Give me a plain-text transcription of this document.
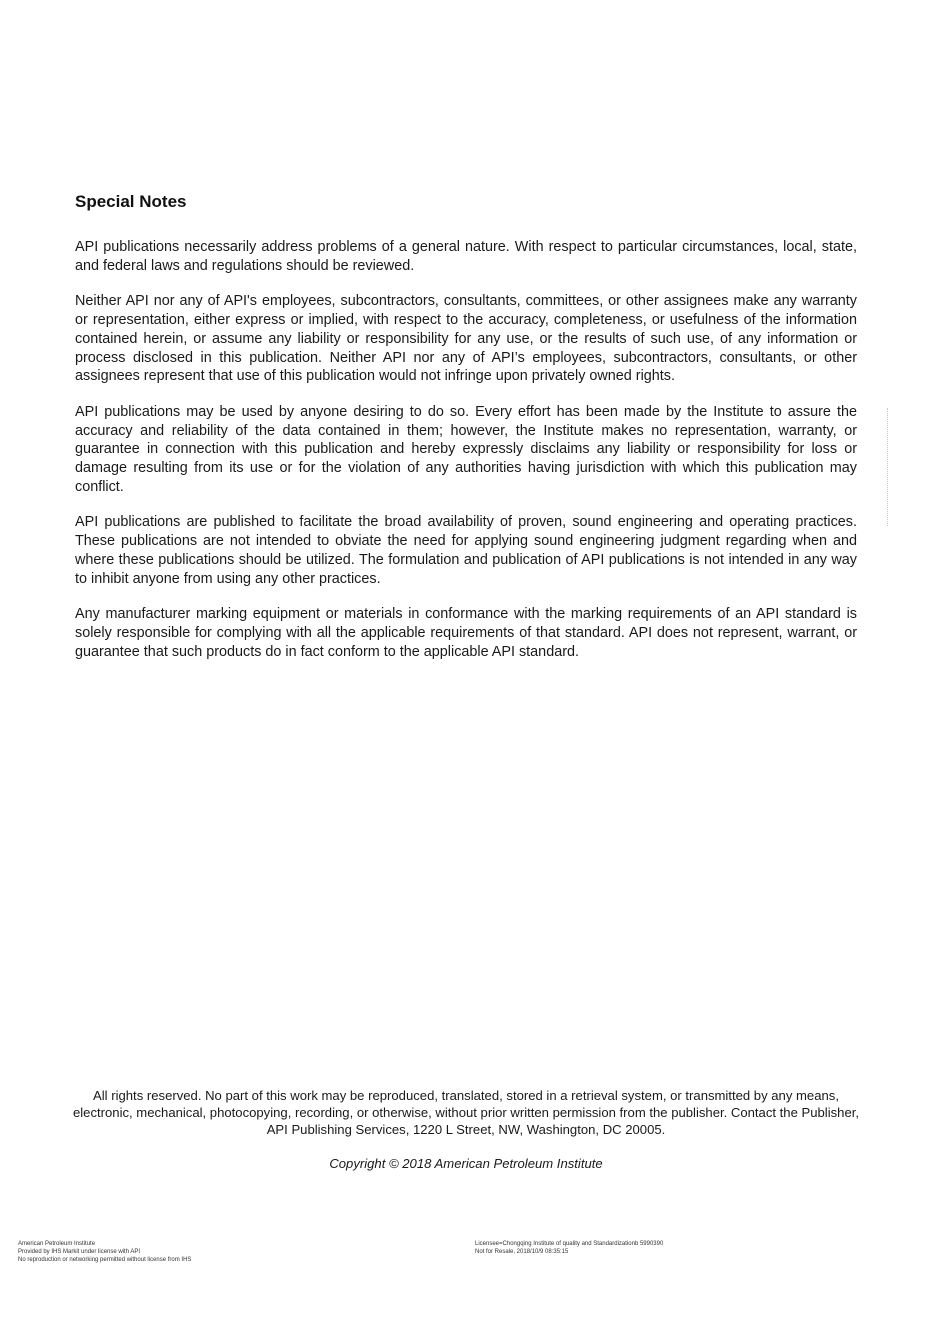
Special Notes

API publications necessarily address problems of a general nature. With respect to particular circumstances, local, state, and federal laws and regulations should be reviewed.

Neither API nor any of API's employees, subcontractors, consultants, committees, or other assignees make any warranty or representation, either express or implied, with respect to the accuracy, completeness, or usefulness of the information contained herein, or assume any liability or responsibility for any use, or the results of such use, of any information or process disclosed in this publication. Neither API nor any of API’s employees, subcontractors, consultants, or other assignees represent that use of this publication would not infringe upon privately owned rights.

API publications may be used by anyone desiring to do so. Every effort has been made by the Institute to assure the accuracy and reliability of the data contained in them; however, the Institute makes no representation, warranty, or guarantee in connection with this publication and hereby expressly disclaims any liability or responsibility for loss or damage resulting from its use or for the violation of any authorities having jurisdiction with which this publication may conflict.

API publications are published to facilitate the broad availability of proven, sound engineering and operating practices. These publications are not intended to obviate the need for applying sound engineering judgment regarding when and where these publications should be utilized. The formulation and publication of API publications is not intended in any way to inhibit anyone from using any other practices.

Any manufacturer marking equipment or materials in conformance with the marking requirements of an API standard is solely responsible for complying with all the applicable requirements of that standard. API does not represent, warrant, or guarantee that such products do in fact conform to the applicable API standard.

All rights reserved. No part of this work may be reproduced, translated, stored in a retrieval system, or transmitted by any means, electronic, mechanical, photocopying, recording, or otherwise, without prior written permission from the publisher. Contact the Publisher, API Publishing Services, 1220 L Street, NW, Washington, DC 20005.

Copyright © 2018 American Petroleum Institute

American Petroleum Institute
Provided by IHS Markit under license with API
No reproduction or networking permitted without license from IHS
Licensee=Chongqing Institute of quality and Standardizationb 5990390
Not for Resale, 2018/10/9 08:35:15
